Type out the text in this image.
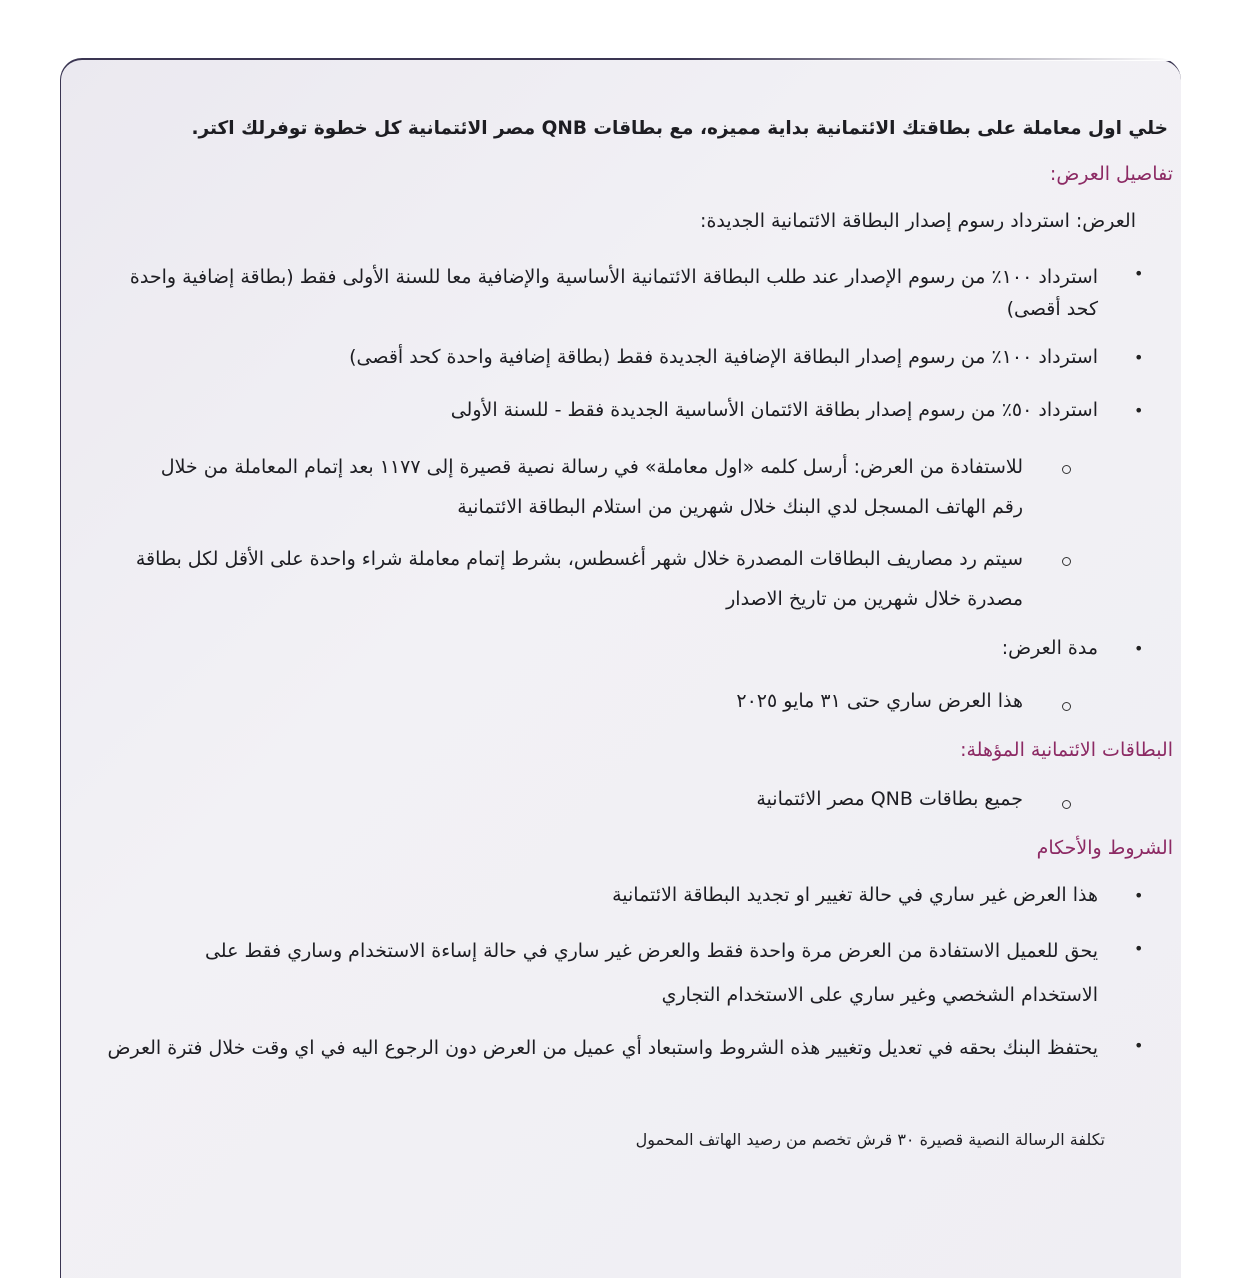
خلي اول معاملة على بطاقتك الائتمانية بداية مميزه، مع بطاقات QNB مصر الائتمانية كل خطوة توفرلك اكتر.
تفاصيل العرض:
العرض: استرداد رسوم إصدار البطاقة الائتمانية الجديدة:
•
استرداد ١٠٠٪ من رسوم الإصدار عند طلب البطاقة الائتمانية الأساسية والإضافية معا للسنة الأولى فقط (بطاقة إضافية واحدة كحد أقصى)
•
استرداد ١٠٠٪ من رسوم إصدار البطاقة الإضافية الجديدة فقط (بطاقة إضافية واحدة كحد أقصى)
•
استرداد ٥٠٪ من رسوم إصدار بطاقة الائتمان الأساسية الجديدة فقط - للسنة الأولى
للاستفادة من العرض: أرسل كلمه «اول معاملة» في رسالة نصية قصيرة إلى ١١٧٧ بعد إتمام المعاملة من خلال رقم الهاتف المسجل لدي البنك خلال شهرين من استلام البطاقة الائتمانية
سيتم رد مصاريف البطاقات المصدرة خلال شهر أغسطس، بشرط إتمام معاملة شراء واحدة على الأقل لكل بطاقة مصدرة خلال شهرين من تاريخ الاصدار
•
مدة العرض:
هذا العرض ساري حتى ٣١ مايو ٢٠٢٥
البطاقات الائتمانية المؤهلة:
جميع بطاقات QNB مصر الائتمانية
الشروط والأحكام
•
هذا العرض غير ساري في حالة تغيير او تجديد البطاقة الائتمانية
•
يحق للعميل الاستفادة من العرض مرة واحدة فقط والعرض غير ساري في حالة إساءة الاستخدام وساري فقط على الاستخدام الشخصي وغير ساري على الاستخدام التجاري
•
يحتفظ البنك بحقه في تعديل وتغيير هذه الشروط واستبعاد أي عميل من العرض دون الرجوع اليه في اي وقت خلال فترة العرض
تكلفة الرسالة النصية قصيرة ٣٠ قرش تخصم من رصيد الهاتف المحمول
